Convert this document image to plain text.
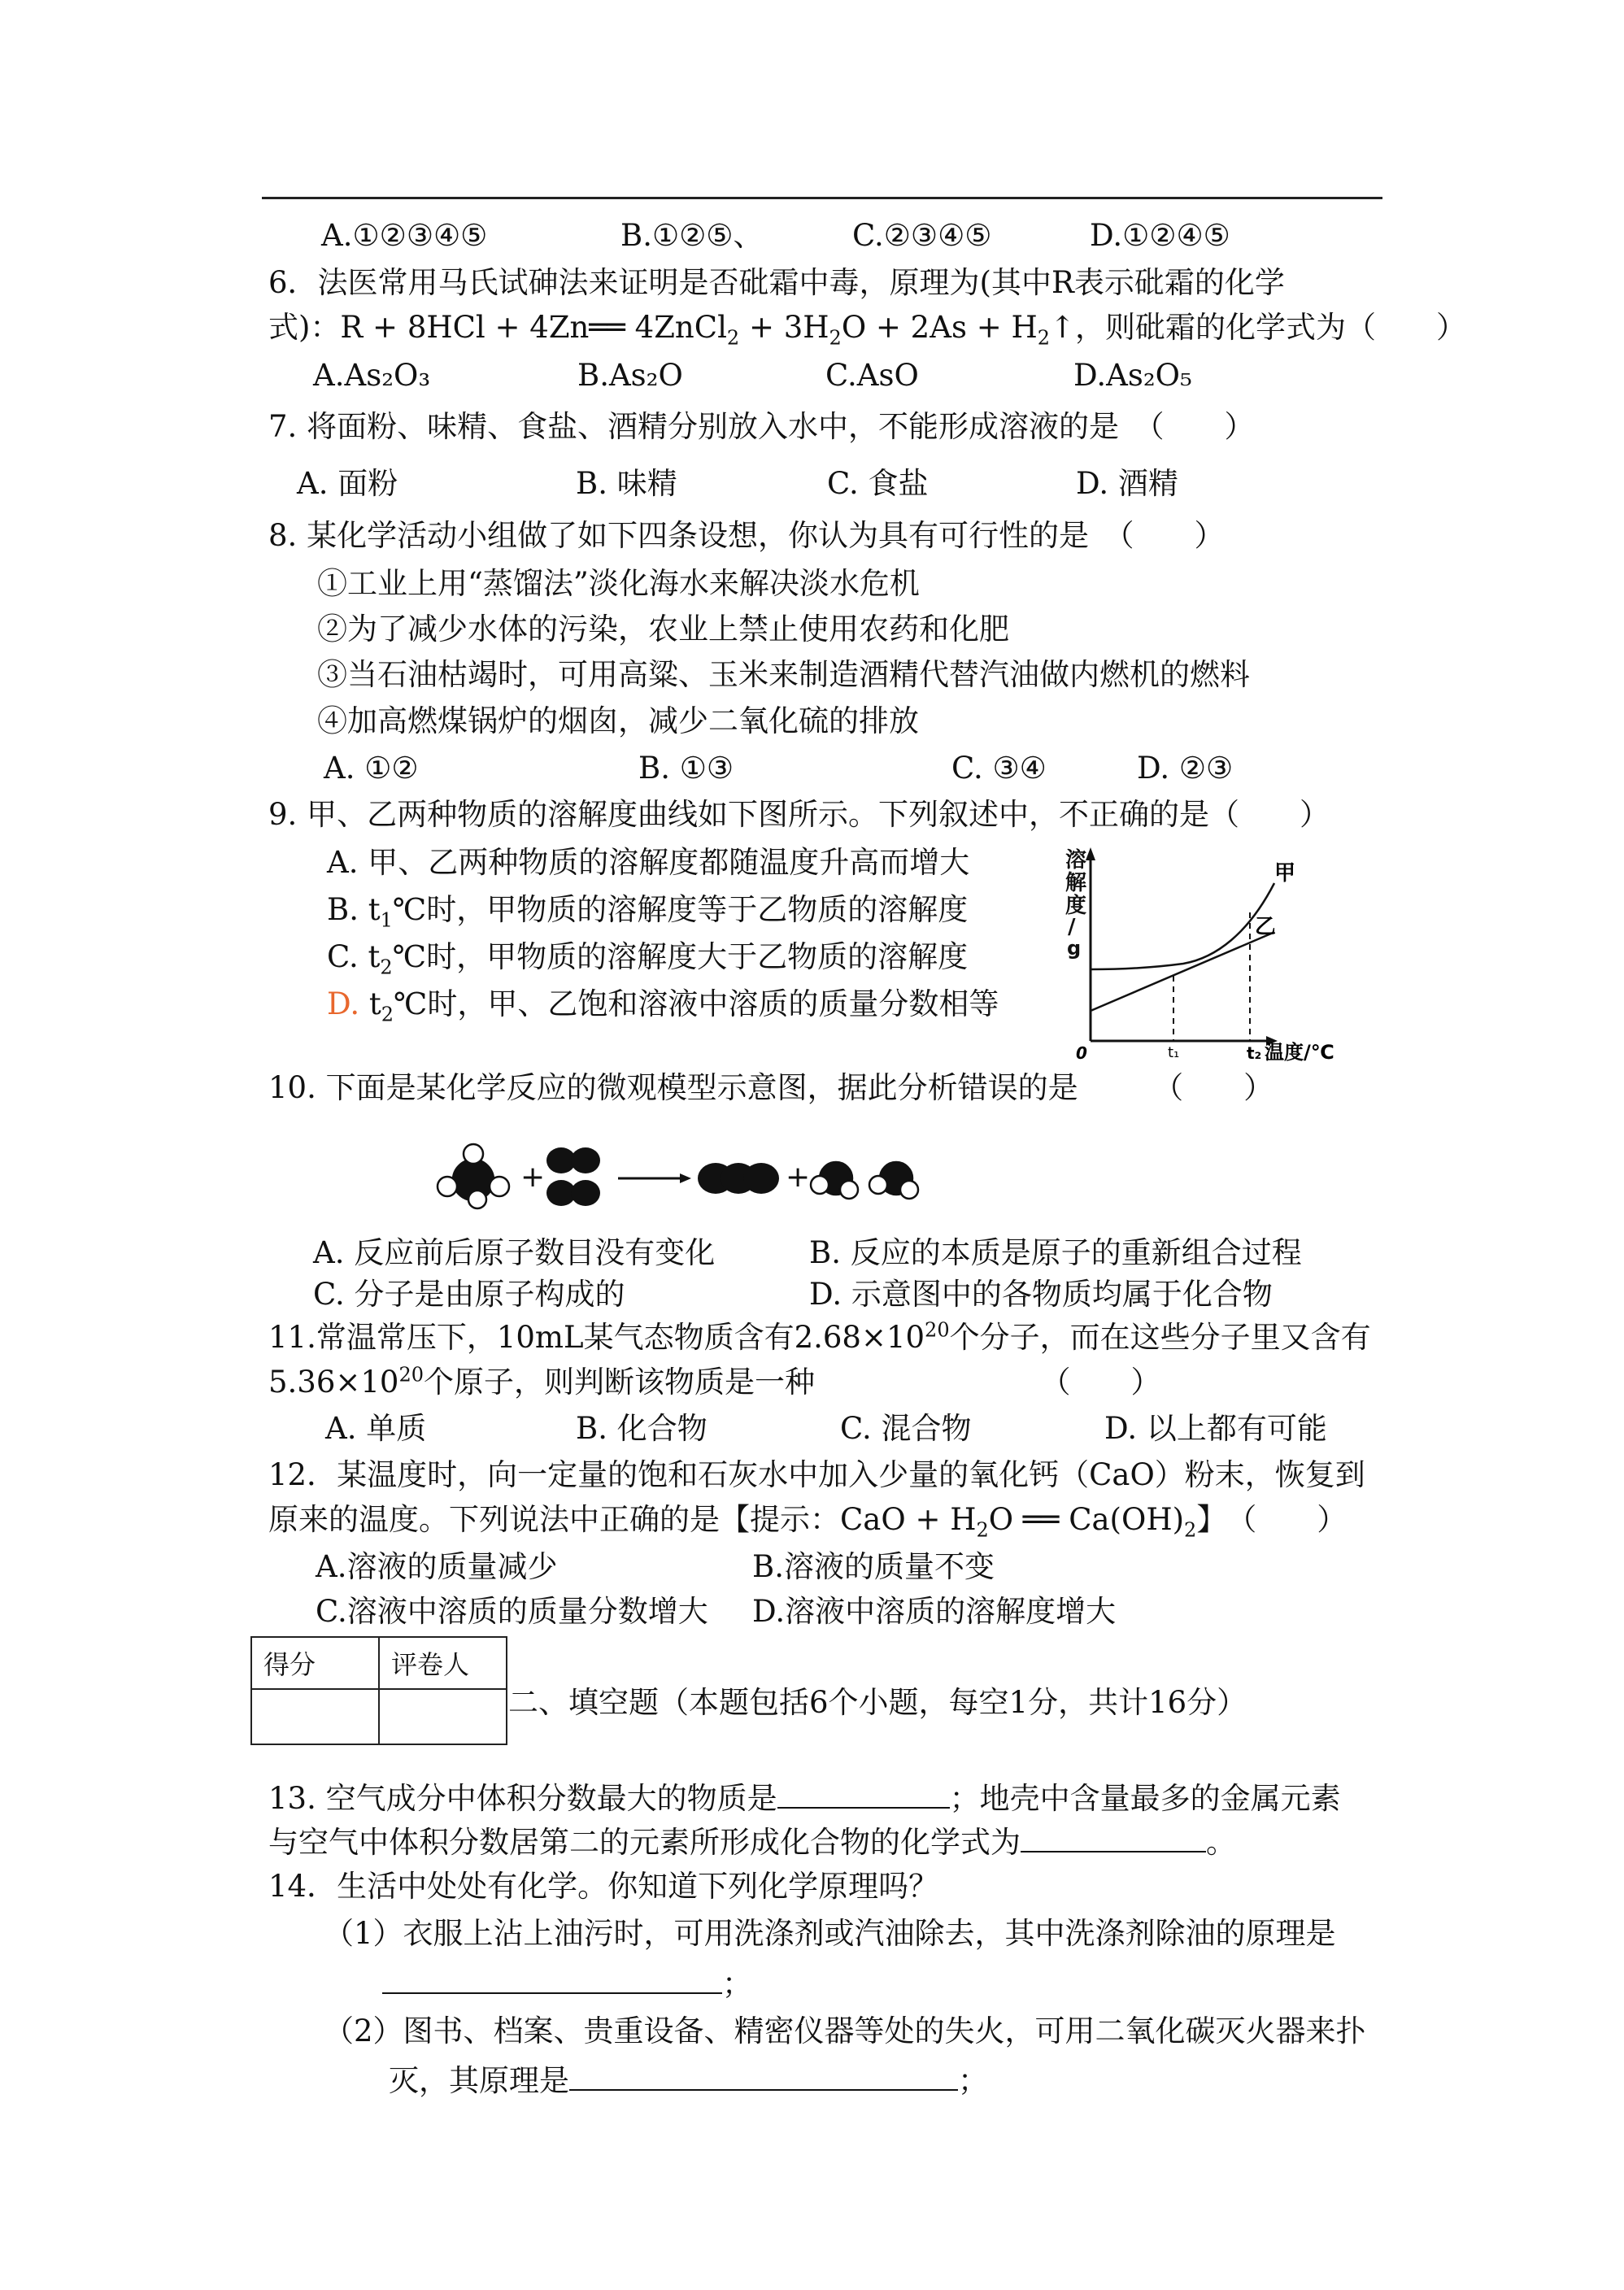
A.①②③④⑤	B.①②⑤、	C.②③④⑤	D.①②④⑤
6．法医常用马氏试砷法来证明是否砒霜中毒，原理为(其中R表示砒霜的化学
式)：R + 8HCl + 4Zn══ 4ZnCl$_2$ + $3H_2O + 2As$ + $H_2↑$，则砒霜的化学式为（　　）
A.As₂O₃	B.As₂O	C.AsO	D.As₂O₅
7. 将面粉、味精、食盐、酒精分别放入水中，不能形成溶液的是　（　　）
A. 面粉	B. 味精	C. 食盐	D. 酒精
8. 某化学活动小组做了如下四条设想，你认为具有可行性的是　（　　）
①工业上用“蒸馏法”淡化海水来解决淡水危机
②为了减少水体的污染，农业上禁止使用农药和化肥
③当石油枯竭时，可用高粱、玉米来制造酒精代替汽油做内燃机的燃料
④加高燃煤锅炉的烟囱，减少二氧化硫的排放
A. ①②	B. ①③	C. ③④	D. ②③
9. 甲、乙两种物质的溶解度曲线如下图所示。下列叙述中，不正确的是（　　）
A. 甲、乙两种物质的溶解度都随温度升高而增大
B. $t_1℃$时，甲物质的溶解度等于乙物质的溶解度
C. $t_2℃$时，甲物质的溶解度大于乙物质的溶解度
D. $t_2℃$时，甲、乙饱和溶液中溶质的质量分数相等
溶
解
度
/
g
0	t₁	t₂ 温度/℃
甲
乙
10. 下面是某化学反应的微观模型示意图，据此分析错误的是　　　（　　）
+	+
A. 反应前后原子数目没有变化	B. 反应的本质是原子的重新组合过程
C. 分子是由原子构成的	D. 示意图中的各物质均属于化合物
11.常温常压下，10mL某气态物质含有$2.68\times 10^{20}$个分子，而在这些分子里又含有
$5.36\times 10^{20}$个原子，则判断该物质是一种　　　　　　　　（　　）
A. 单质	B. 化合物	C. 混合物	D. 以上都有可能
12．某温度时，向一定量的饱和石灰水中加入少量的氧化钙（CaO）粉末，恢复到
原来的温度。下列说法中正确的是【提示：CaO + $H_2O$ ══ $Ca(OH)_2$】　（　　）
A.溶液的质量减少	B.溶液的质量不变
C.溶液中溶质的质量分数增大 D.溶液中溶质的溶解度增大
得分	评卷人

二、填空题（本题包括6个小题，每空1分，共计16分）
13. 空气成分中体积分数最大的物质是	；地壳中含量最多的金属元素
与空气中体积分数居第二的元素所形成化合物的化学式为	。
14．生活中处处有化学。你知道下列化学原理吗？
（1）衣服上沾上油污时，可用洗涤剂或汽油除去，其中洗涤剂除油的原理是
；
（2）图书、档案、贵重设备、精密仪器等处的失火，可用二氧化碳灭火器来扑
灭，其原理是	；
